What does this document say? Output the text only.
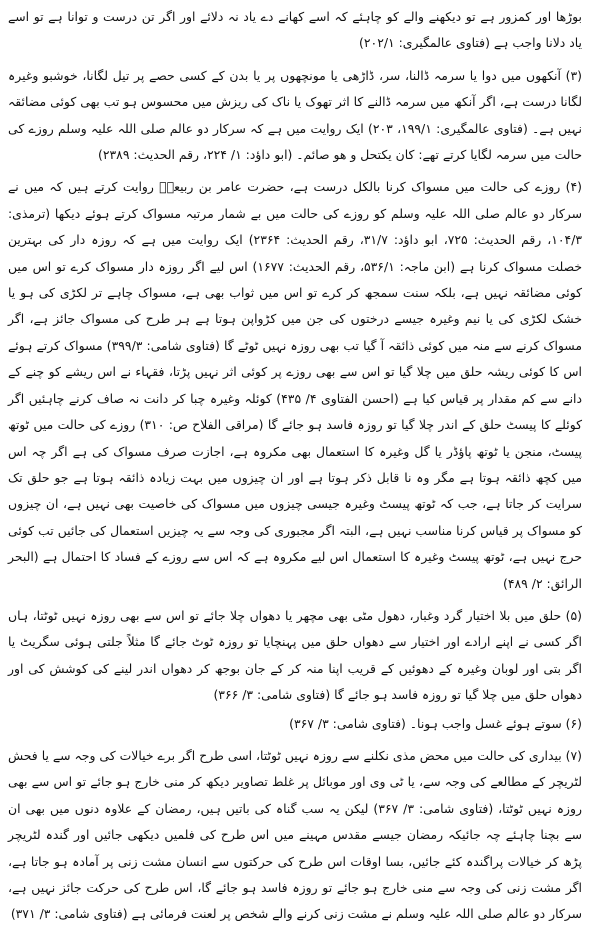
بوڑھا اور کمزور ہے تو دیکھنے والے کو چاہئے کہ اسے کھانے دے یاد نہ دلائے اور اگر تن درست و توانا ہے تو اسے یاد دلانا واجب ہے (فتاوی عالمگیری: ۲۰۲/۱)

(۳) آنکھوں میں دوا یا سرمہ ڈالنا، سر، ڈاڑھی یا مونچھوں پر یا بدن کے کسی حصے پر تیل لگانا، خوشبو وغیرہ لگانا درست ہے، اگر آنکھ میں سرمہ ڈالنے کا اثر تھوک یا ناک کی ریزش میں محسوس ہو تب بھی کوئی مضائقہ نہیں ہے۔ (فتاوی عالمگیری: ۱۹۹/۱، ۲۰۳) ایک روایت میں ہے کہ سرکار دو عالم صلی اللہ علیہ وسلم روزے کی حالت میں سرمہ لگایا کرتے تھے: کان یکتحل و ھو صائم۔ (ابو داؤد: ۱/ ۲۲۴، رقم الحدیث: ۲۳۸۹)

(۴) روزے کی حالت میں مسواک کرنا بالکل درست ہے، حضرت عامر بن ربیعہؓ روایت کرتے ہیں کہ میں نے سرکار دو عالم صلی اللہ علیہ وسلم کو روزے کی حالت میں بے شمار مرتبہ مسواک کرتے ہوئے دیکھا (ترمذی: ۱۰۴/۳، رقم الحدیث: ۷۲۵، ابو داؤد: ۳۱/۷، رقم الحدیث: ۲۳۶۴) ایک روایت میں ہے کہ روزہ دار کی بہترین خصلت مسواک کرنا ہے (ابن ماجہ: ۵۳۶/۱، رقم الحدیث: ۱۶۷۷) اس لیے اگر روزہ دار مسواک کرے تو اس میں کوئی مضائقہ نہیں ہے، بلکہ سنت سمجھ کر کرے تو اس میں ثواب بھی ہے، مسواک چاہے تر لکڑی کی ہو یا خشک لکڑی کی یا نیم وغیرہ جیسے درختوں کی جن میں کڑواپن ہوتا ہے ہر طرح کی مسواک جائز ہے، اگر مسواک کرنے سے منہ میں کوئی ذائقہ آ گیا تب بھی روزہ نہیں ٹوٹے گا (فتاوی شامی: ۳۹۹/۳) مسواک کرتے ہوئے اس کا کوئی ریشہ حلق میں چلا گیا تو اس سے بھی روزے پر کوئی اثر نہیں پڑتا، فقہاء نے اس ریشے کو چنے کے دانے سے کم مقدار پر قیاس کیا ہے (احسن الفتاوی ۴/ ۴۳۵) کوئلہ وغیرہ چبا کر دانت نہ صاف کرنے چاہئیں اگر کوئلے کا پیسٹ حلق کے اندر چلا گیا تو روزہ فاسد ہو جائے گا (مراقی الفلاح ص: ۳۱۰) روزے کی حالت میں ٹوتھ پیسٹ، منجن یا ٹوتھ پاؤڈر یا گل وغیرہ کا استعمال بھی مکروہ ہے، اجازت صرف مسواک کی ہے اگر چہ اس میں کچھ ذائقہ ہوتا ہے مگر وہ نا قابل ذکر ہوتا ہے اور ان چیزوں میں بہت زیادہ ذائقہ ہوتا ہے جو حلق تک سرایت کر جاتا ہے، جب کہ ٹوتھ پیسٹ وغیرہ جیسی چیزوں میں مسواک کی خاصیت بھی نہیں ہے، ان چیزوں کو مسواک پر قیاس کرنا مناسب نہیں ہے، البتہ اگر مجبوری کی وجہ سے یہ چیزیں استعمال کی جائیں تب کوئی حرج نہیں ہے، ٹوتھ پیسٹ وغیرہ کا استعمال اس لیے مکروہ ہے کہ اس سے روزے کے فساد کا احتمال ہے (البحر الرائق: ۲/ ۴۸۹)

(۵) حلق میں بلا اختیار گرد وغبار، دھول مٹی بھی مچھر یا دھواں چلا جائے تو اس سے بھی روزہ نہیں ٹوٹتا، ہاں اگر کسی نے اپنے ارادے اور اختیار سے دھواں حلق میں پہنچایا تو روزہ ٹوٹ جائے گا مثلاً جلتی ہوئی سگریٹ یا اگر بتی اور لوبان وغیرہ کے دھوئیں کے قریب اپنا منہ کر کے جان بوجھ کر دھواں اندر لینے کی کوشش کی اور دھواں حلق میں چلا گیا تو روزہ فاسد ہو جائے گا (فتاوی شامی: ۳/ ۳۶۶)

(۶) سوتے ہوئے غسل واجب ہونا۔ (فتاوی شامی: ۳/ ۳۶۷)

(۷) بیداری کی حالت میں محض مذی نکلنے سے روزہ نہیں ٹوٹتا، اسی طرح اگر برے خیالات کی وجہ سے یا فحش لٹریچر کے مطالعے کی وجہ سے، یا ٹی وی اور موبائل پر غلط تصاویر دیکھ کر منی خارج ہو جائے تو اس سے بھی روزہ نہیں ٹوٹتا، (فتاوی شامی: ۳/ ۳۶۷) لیکن یہ سب گناہ کی باتیں ہیں، رمضان کے علاوہ دنوں میں بھی ان سے بچنا چاہئے چہ جائیکہ رمضان جیسے مقدس مہینے میں اس طرح کی فلمیں دیکھی جائیں اور گندہ لٹریچر پڑھ کر خیالات پراگندہ کئے جائیں، بسا اوقات اس طرح کی حرکتوں سے انسان مشت زنی پر آمادہ ہو جاتا ہے، اگر مشت زنی کی وجہ سے منی خارج ہو جائے تو روزہ فاسد ہو جائے گا، اس طرح کی حرکت جائز نہیں ہے، سرکار دو عالم صلی اللہ علیہ وسلم نے مشت زنی کرنے والے شخص پر لعنت فرمائی ہے (فتاوی شامی: ۳/ ۳۷۱)
